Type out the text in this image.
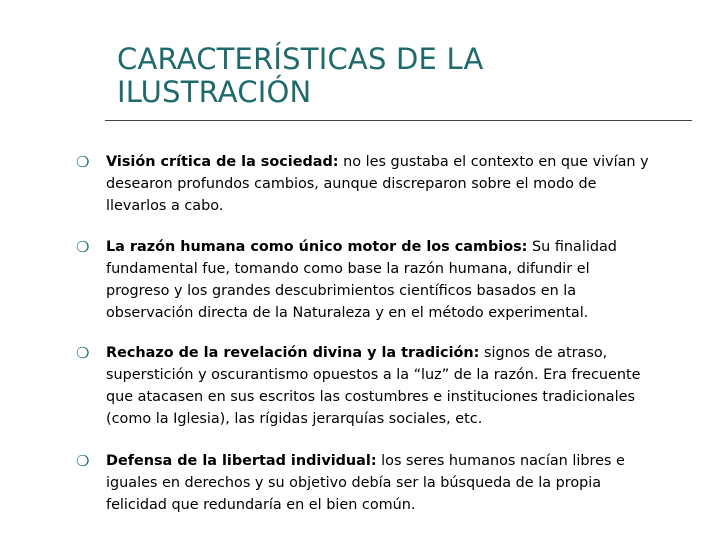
CARACTERÍSTICAS DE LA
ILUSTRACIÓN
❍ Visión crítica de la sociedad: no les gustaba el contexto en que vivían y
desearon profundos cambios, aunque discreparon sobre el modo de
llevarlos a cabo.
❍ La razón humana como único motor de los cambios: Su finalidad
fundamental fue, tomando como base la razón humana, difundir el
progreso y los grandes descubrimientos científicos basados en la
observación directa de la Naturaleza y en el método experimental.
❍ Rechazo de la revelación divina y la tradición: signos de atraso,
superstición y oscurantismo opuestos a la “luz” de la razón. Era frecuente
que atacasen en sus escritos las costumbres e instituciones tradicionales
(como la Iglesia), las rígidas jerarquías sociales, etc.
❍ Defensa de la libertad individual: los seres humanos nacían libres e
iguales en derechos y su objetivo debía ser la búsqueda de la propia
felicidad que redundaría en el bien común.
